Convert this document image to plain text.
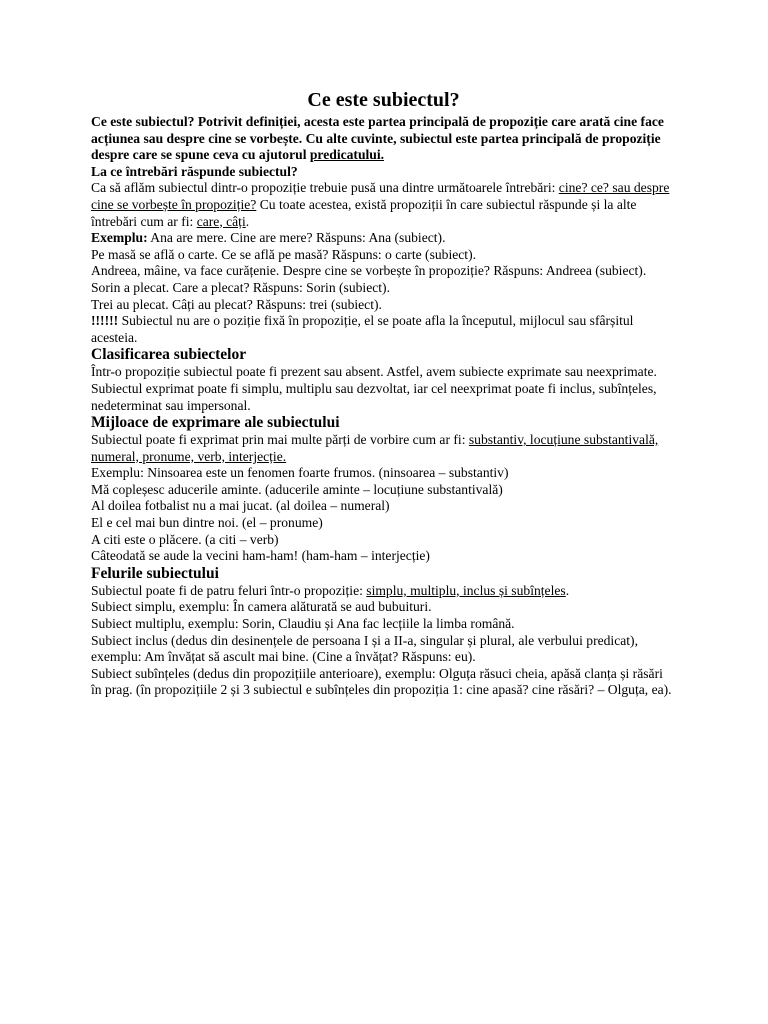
Ce este subiectul?

Ce este subiectul? Potrivit definiției, acesta este partea principală de propoziție care arată cine face acțiunea sau despre cine se vorbește. Cu alte cuvinte, subiectul este partea principală de propoziție despre care se spune ceva cu ajutorul predicatului.

La ce întrebări răspunde subiectul?

Ca să aflăm subiectul dintr-o propoziție trebuie pusă una dintre următoarele întrebări: cine? ce? sau despre cine se vorbește în propoziție? Cu toate acestea, există propoziții în care subiectul răspunde și la alte întrebări cum ar fi: care, câți.

Exemplu: Ana are mere. Cine are mere? Răspuns: Ana (subiect).

Pe masă se află o carte. Ce se află pe masă? Răspuns: o carte (subiect).

Andreea, mâine, va face curățenie. Despre cine se vorbește în propoziție? Răspuns: Andreea (subiect).

Sorin a plecat. Care a plecat? Răspuns: Sorin (subiect).

Trei au plecat. Câți au plecat? Răspuns: trei (subiect).

!!!!!! Subiectul nu are o poziție fixă în propoziție, el se poate afla la începutul, mijlocul sau sfârșitul acesteia.

Clasificarea subiectelor

Într-o propoziție subiectul poate fi prezent sau absent. Astfel, avem subiecte exprimate sau neexprimate. Subiectul exprimat poate fi simplu, multiplu sau dezvoltat, iar cel neexprimat poate fi inclus, subînțeles, nedeterminat sau impersonal.

Mijloace de exprimare ale subiectului

Subiectul poate fi exprimat prin mai multe părți de vorbire cum ar fi: substantiv, locuțiune substantivală, numeral, pronume, verb, interjecție.

Exemplu: Ninsoarea este un fenomen foarte frumos. (ninsoarea – substantiv)

Mă copleșesc aducerile aminte. (aducerile aminte – locuțiune substantivală)

Al doilea fotbalist nu a mai jucat. (al doilea – numeral)

El e cel mai bun dintre noi. (el – pronume)

A citi este o plăcere. (a citi – verb)

Câteodată se aude la vecini ham-ham! (ham-ham – interjecție)

Felurile subiectului

Subiectul poate fi de patru feluri într-o propoziție: simplu, multiplu, inclus și subînțeles.

Subiect simplu, exemplu: În camera alăturată se aud bubuituri.

Subiect multiplu, exemplu: Sorin, Claudiu și Ana fac lecțiile la limba română.

Subiect inclus (dedus din desinențele de persoana I și a II-a, singular și plural, ale verbului predicat), exemplu: Am învățat să ascult mai bine. (Cine a învățat? Răspuns: eu).

Subiect subînțeles (dedus din propozițiile anterioare), exemplu: Olguța răsuci cheia, apăsă clanța și răsări în prag. (în propozițiile 2 și 3 subiectul e subînțeles din propoziția 1: cine apasă? cine răsări? – Olguța, ea).
